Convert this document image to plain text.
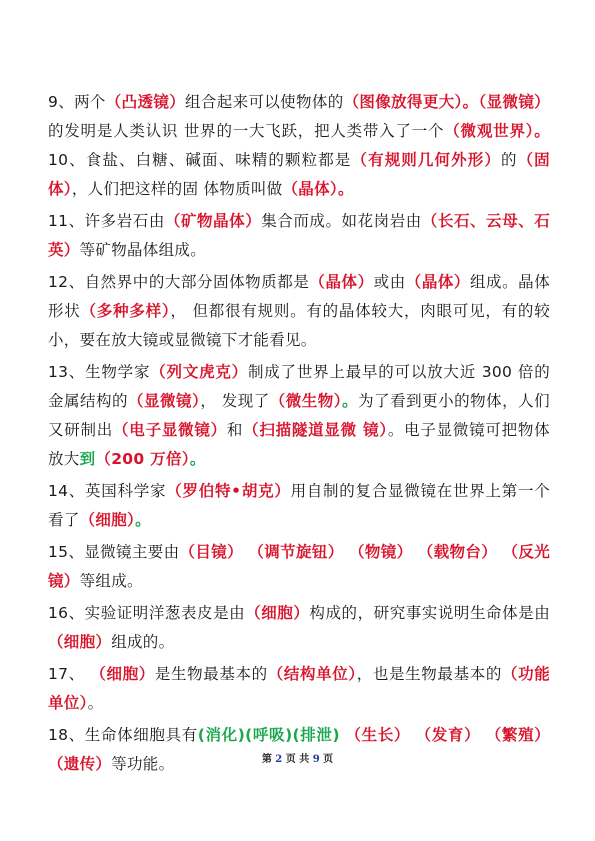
9、两个（凸透镜）组合起来可以使物体的（图像放得更大）。（显微镜）的发明是人类认识 世界的一大飞跃，把人类带入了一个（微观世界）。 10、食盐、白糖、碱面、味精的颗粒都是（有规则几何外形）的（固体），人们把这样的固 体物质叫做（晶体）。

11、许多岩石由（矿物晶体）集合而成。如花岗岩由（长石、云母、石英）等矿物晶体组成。

12、自然界中的大部分固体物质都是（晶体）或由（晶体）组成。晶体形状（多种多样）， 但都很有规则。有的晶体较大，肉眼可见，有的较小，要在放大镜或显微镜下才能看见。

13、生物学家（列文虎克）制成了世界上最早的可以放大近 300 倍的金属结构的（显微镜）， 发现了（微生物）。为了看到更小的物体，人们又研制出（电子显微镜）和（扫描隧道显微 镜）。电子显微镜可把物体放大到（200 万倍）。

14、英国科学家（罗伯特•胡克）用自制的复合显微镜在世界上第一个看了（细胞）。

15、显微镜主要由（目镜） （调节旋钮） （物镜） （载物台） （反光镜）等组成。

16、实验证明洋葱表皮是由（细胞）构成的，研究事实说明生命体是由（细胞）组成的。

17、 （细胞）是生物最基本的（结构单位），也是生物最基本的（功能单位）。

18、生命体细胞具有(消化)(呼吸)(排泄) （生长） （发育） （繁殖） （遗传）等功能。	第 2 页 共 9 页
